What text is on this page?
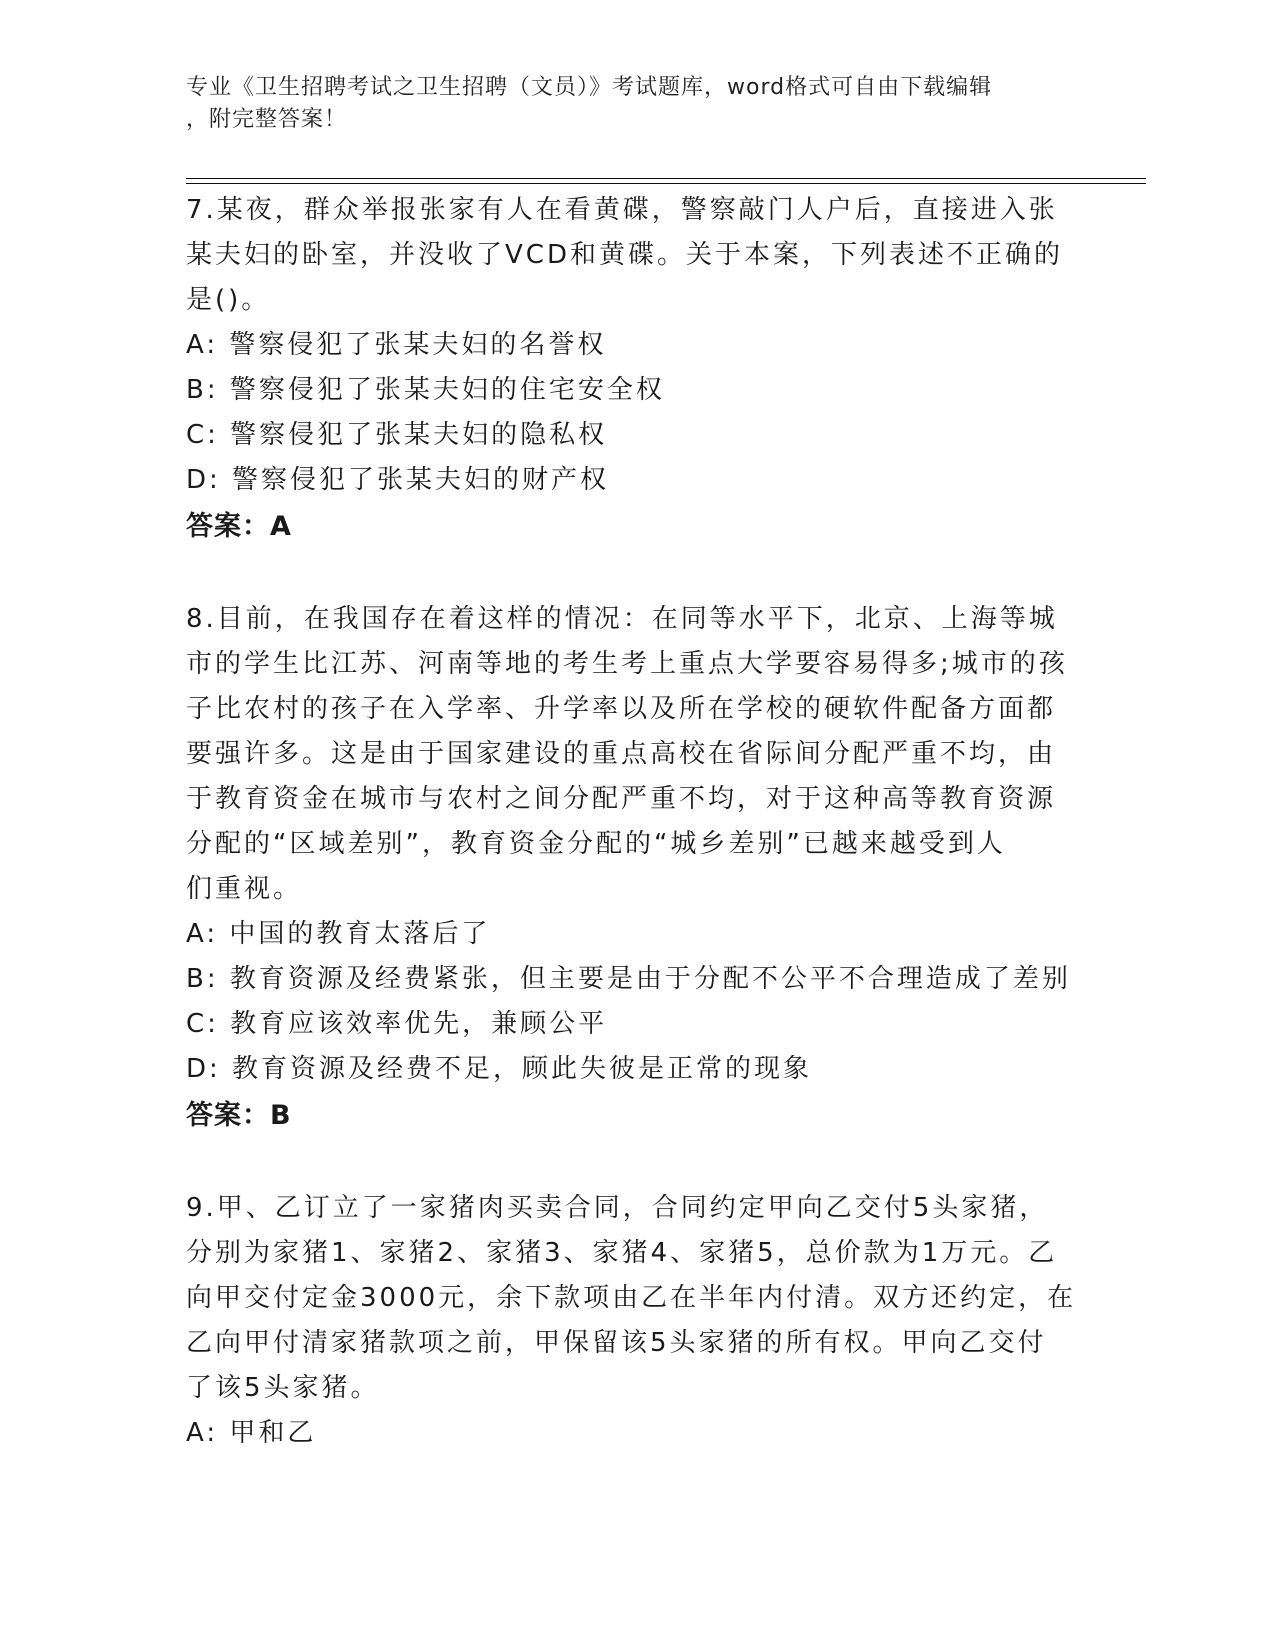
专业《卫生招聘考试之卫生招聘（文员）》考试题库，word格式可自由下载编辑
，附完整答案！
7.某夜，群众举报张家有人在看黄碟，警察敲门人户后，直接进入张
某夫妇的卧室，并没收了VCD和黄碟。关于本案，下列表述不正确的
是()。
A: 警察侵犯了张某夫妇的名誉权
B: 警察侵犯了张某夫妇的住宅安全权
C: 警察侵犯了张某夫妇的隐私权
D: 警察侵犯了张某夫妇的财产权
答案：A
8.目前，在我国存在着这样的情况：在同等水平下，北京、上海等城
市的学生比江苏、河南等地的考生考上重点大学要容易得多;城市的孩
子比农村的孩子在入学率、升学率以及所在学校的硬软件配备方面都
要强许多。这是由于国家建设的重点高校在省际间分配严重不均，由
于教育资金在城市与农村之间分配严重不均，对于这种高等教育资源
分配的“区域差别”，教育资金分配的“城乡差别”已越来越受到人
们重视。
A: 中国的教育太落后了
B: 教育资源及经费紧张，但主要是由于分配不公平不合理造成了差别
C: 教育应该效率优先，兼顾公平
D: 教育资源及经费不足，顾此失彼是正常的现象
答案：B
9.甲、乙订立了一家猪肉买卖合同，合同约定甲向乙交付5头家猪，
分别为家猪1、家猪2、家猪3、家猪4、家猪5，总价款为1万元。乙
向甲交付定金3000元，余下款项由乙在半年内付清。双方还约定，在
乙向甲付清家猪款项之前，甲保留该5头家猪的所有权。甲向乙交付
了该5头家猪。
A: 甲和乙
